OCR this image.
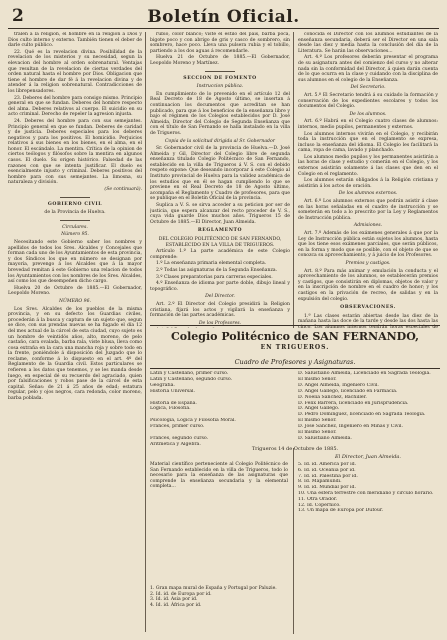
2	Boletín Oficial.

tralen á la religion, el hombre en la religion á Dios y Dios culto interno y externo. También tienen el deber de darle culto público.

22. Qué es la revelacion divina. Posibilidad de la revelacion de los misterios y su necesidad, segun la elevacion del hombre al orden sobrenatural. Ventajas que resultan de la revelacion de ciertas verdades del orden natural hasta el hombre por Dios. Obligacion que tiene el hombre de dar fé á la revelacion divina y de atender á la religion sobrenatural. Contradicciones de los librepensadores.

23. Deberes del hombre para consigo mismo. Principio general en que se fundan. Deberes del hombre respecto del alma. Deberes relativos al cuerpo. El suicidio en su acto criminal. Derecho de repeler la agresion injusta.

24. Deberes del hombre para con sus semejantes. Principio general en que se fundan. Deberes de caridad y de justicia. Deberes especiales para los deberes negativos y para los positivos. El homicidio. Perjuicios relativos á sus bienes en los bienes, en el alma, en el honor. El escándalo. La mentira. Crítica de la opinion de ciertos teólogos y filósofos sobre la mentira en algunos casos. El duelo. Su origen histórico. Falsedad de las razones con que se intenta justificar. El duelo es esencialmente injusto y criminal. Deberes positivos del hombre para con sus semejantes. La limosna, su naturaleza y división.

(Se continuará).

GOBIERNO CIVIL

de la Provincia de Huelva.

Circulares.

Número 95.

Necesitando este Gobierno saber los nombres y apellidos de todos los Sres. Alcaldes y Concejales que forman cada uno de los Ayuntamientos de esta provincia, y dos Síndicos los que en número se designan por mayoría, prevengo á los Alcaldes que á la mayor brevedad remitan á este Gobierno una relacion de todos los Ayuntamientos con los nombres de los Sres. Alcaldes, así como los que desempeñen dicho cargo.

Huelva 20 de Octubre de 1885.—El Gobernador, Leopoldo Moreno.

NÚMERO 96.

Los Sres. Alcaldes de los pueblos de la misma provincia, y en su defecto los Guardias civiles, procederán á la busca y captura de un sujeto que, segun se dice, con sus prendas nuevas se ha fugado el día 12 del mes actual de la cárcel de esta ciudad, cuyo sujeto es un hombre de veintidós años, alto, moreno, de pelo castaño, cara ovalada, barba rala, viste blusa, lleva como cosa extraña en la cara una mancha roja y sobre todo en la frente, poniéndole á disposición del Juzgado que lo reclame, conforme á lo dispuesto en el art. 4º del Reglamento de la Guardia civil. Estos particulares se refieren a los datos que tenemos, y se les manda desde luego, en especial dé su recuerdo del agraciado, quien por falsificaciones y robos pase de la cárcel de esta capital. Señas: de 21 á 25 años de edad; estatura regular, pelo y ojos negros, cara redonda, color moreno, barba poblada.

rubio, color blanco; viste el estilo del país, barba poca, bigote poco y con abrigo de gris y casco de sombrero, sin sombrero, hace poco. Lleva una pulsera rubia y el tobillo, partiendo a los dos aguas á recomendarle.

Huelva 21 de Octubre de 1885.—El Gobernador, Leopoldo Moreno y Martínez.

SECCION DE FOMENTO

Instruccion pública.

En cumplimiento de lo prevenido en el artículo 12 del Real Decreto de 18 de Agosto último, se insertan á continuacion los documentos que acreditan se han publicado, para que á los beneficios de la enseñanza libre y bajo el régimen de los Colegios establecidos por D. José Almeida, Director del Colegio de Segunda Enseñanza que con el título de San Fernando se halla instalado en la villa de Trigueros.

Copia de la solicitud dirigida al Sr. Gobernador

Sr. Gobernador civil de la provincia de Huelva.—D. José Almeida y Gil, Director del Colegio libre de segunda enseñanza titulado Colegio Politécnico de San Fernando, establecido en la villa de Trigueros á V. S. con el debido respeto expone: Que deseando incorporar á este Colegio al Instituto provincial de Huelva para la validez académica de los estudios que en él se hagan cumpliendo lo que se previene en el Real Decreto de 18 de Agosto último, acompaña el Reglamento y Cuadro de profesores, para que se publique en el Boletín Oficial de la provincia.

Suplica a V. S. se sirva acceder a su peticion por ser de justicia, que espera alcanzar del recto proceder de V. S., cuya vida guarde Dios muchos años. Trigueros 15 de Octubre de 1885.—El Director, Juan Almeida.

REGLAMENTO

DEL COLEGIO POLITÉCNICO DE SAN FERNANDO, ESTABLECIDO EN LA VILLA DE TRIGUEROS.

Artículo 1.º La parte académica de este Colegio comprende:

1.º La enseñanza primaria elemental completa.

2.º Todas las asignaturas de la Segunda Enseñanza.

3.º Clases preparatorias para carreras especiales.

4.º Enseñanza de idioma por parte doble, dibujo lineal y topográfico.

Del Director.

Art. 2.º El Director del Colegio presidirá la Religion cristiana, fijará los actos y vigilará la enseñanza y formación de las partes académicas.

De los Profesores.

conocida el Director con los alumnos estudiantes de la enseñanza secundaria, deberá ser el Director en una sala desde las diez y media hasta la conclusión del día de la Literatura. Se harán las observaciones...

Art. 4.º Los profesores deberán presentar el programa de su asignatura antes del comienzo del curso y no alterar nada sin la conformidad del Director, á quien darán cuenta de lo que ocurra en la clase y cuidando con la disciplina de sus alumnos en el colegio de la Enseñanza.

Del Secretario.

Art. 5.º El Secretario tendrá á su cuidado la formación y conservación de los expedientes escolares y todos los documentos del Colegio.

De los alumnos.

Art. 6.º Habrá en el Colegio cuatro clases de alumnos: internos, medio pupilos, permanentes y externos.

Los alumnos internos vivirán en el Colegio, y recibirán toda la instrucción que en el reglamento se expresa, incluso la enseñanza del idioma. El Colegio les facilitará la cama, ropa de cama, lavado y planchado.

Los alumnos medio pupilos y los permanentes asistirán a las horas de clase y estudio y comerán en el Colegio, y los externos asistirán solamente á las clases que den en el Colegio en el reglamento.

Los alumnos estarán obligados á la Religión cristiana y asistirán á los actos de oración.

De los alumnos externos.

Art. 6.º Los alumnos externos que podrán asistir á clase en las horas señaladas en el cuadro de instrucción y se someterán en todo a lo prescrito por la Ley y Reglamentos de Instrucción pública.

Admisiones.

Art. 7.º Además de los exámenes generales á que por la Ley de Instrucción pública están sujetos los alumnos, hasta que los tiene esos exámenes parciales, que serán públicos, en la forma y modo que se posible, con el objeto de que se conozca su aprovechamiento, y á juicio de los Profesores.

Premios y castigos.

Art. 8.º Para más animar y emulación la conducta y el aprovechamiento de los alumnos, se establecerán premios y castigos, que consistirán en diplomas, objetos de valor y en la inscripción de nombre en el cuadro de honor; y los castigos en la privación de recreo, de salidas y en la expulsión del colegio.

OBSERVACIONES.

1.ª Las clases estarán abiertas desde las diez de la mañana hasta las doce de la tarde y desde las dos hasta las cinco. Los alumnos internos tendrán horas especiales de

Colegio Politécnico de SAN FERNANDO,
EN TRIGUEROS.
Cuadro de Profesores y Asignaturas.
Latin y Castellano, primer curso.
Latin y Castellano, segundo curso.
Geografía.
Historia Universal.

Historia de España.
Lógica, Filosofía.

Psicología, Lógica y Filosofía Moral.
Francés, primer curso.

Francés, segundo curso.
Aritmética y Álgebra.
D. Salustiano Almeida, Licenciado en Sagrada Teología.
El mismo Señor.
D. Ángel Almeida, Ingeniero Civil.
D. Ángel Gallego, licenciado en Farmacia.
D. Noelia Sanchez, Bachiller.
D. Felix Barrera, licenciado en Jurisprudencia.
D. Ángel Gallego.
D. Pedro Domínguez, licenciado en Sagrada Teología.
El mismo Señor.
D. José Sánchez, Ingeniero en Minas y Civil.
El mismo Señor.
D. Salustiano Almeida.
Trigueros 14 de Octubre de 1885.
El Director, Juan Almeida.
Material científico perteneciente al Colegio Politécnico de San Fernando establecido en la villa de Trigueros, todo lo necesario para la enseñanza de las asignaturas que comprende la enseñanza secundaria y la elemental completa...
1. Gran mapa mural de España y Portugal por Paluzie.
2. Id. id. de Europa por id.
3. Id. id. Asia por id.
4. Id. id. África por id.
5. Id. id. América por id.
6. Id. id. Oceanía por id.
7. Id. id. Palestina por id.
8. Id. Mapamundi.
9. Id. id. Mundial por id.
10. Una esfera terrestre con meridiano y círculo horario.
11. Otra Orador.
12. Id. Copérnico.
13. Un mapa de Europa por Dufour.
